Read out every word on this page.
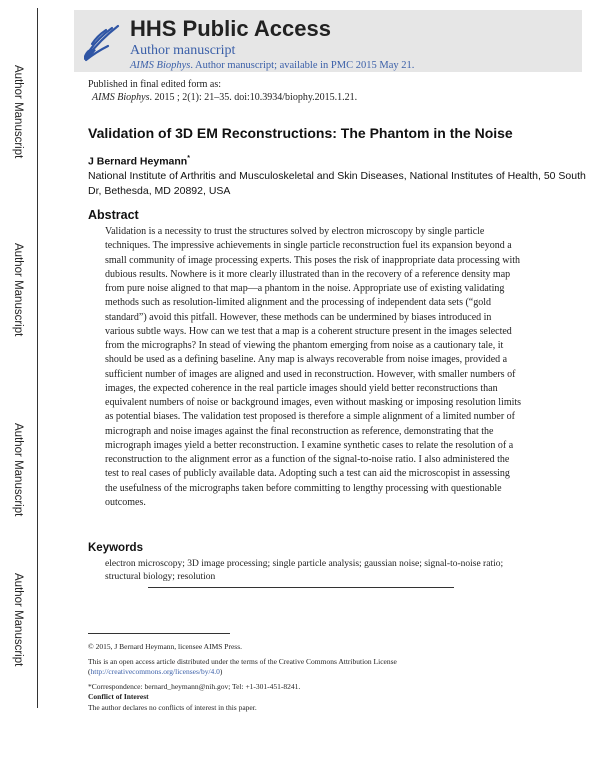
Author Manuscript
Author Manuscript
Author Manuscript
Author Manuscript
HHS Public Access
Author manuscript
AIMS Biophys. Author manuscript; available in PMC 2015 May 21.
Published in final edited form as:
AIMS Biophys. 2015 ; 2(1): 21–35. doi:10.3934/biophy.2015.1.21.
Validation of 3D EM Reconstructions: The Phantom in the Noise
J Bernard Heymann*
National Institute of Arthritis and Musculoskeletal and Skin Diseases, National Institutes of Health, 50 South Dr, Bethesda, MD 20892, USA
Abstract
Validation is a necessity to trust the structures solved by electron microscopy by single particle techniques. The impressive achievements in single particle reconstruction fuel its expansion beyond a small community of image processing experts. This poses the risk of inappropriate data processing with dubious results. Nowhere is it more clearly illustrated than in the recovery of a reference density map from pure noise aligned to that map—a phantom in the noise. Appropriate use of existing validating methods such as resolution-limited alignment and the processing of independent data sets (“gold standard”) avoid this pitfall. However, these methods can be undermined by biases introduced in various subtle ways. How can we test that a map is a coherent structure present in the images selected from the micrographs? In stead of viewing the phantom emerging from noise as a cautionary tale, it should be used as a defining baseline. Any map is always recoverable from noise images, provided a sufficient number of images are aligned and used in reconstruction. However, with smaller numbers of images, the expected coherence in the real particle images should yield better reconstructions than equivalent numbers of noise or background images, even without masking or imposing resolution limits as potential biases. The validation test proposed is therefore a simple alignment of a limited number of micrograph and noise images against the final reconstruction as reference, demonstrating that the micrograph images yield a better reconstruction. I examine synthetic cases to relate the resolution of a reconstruction to the alignment error as a function of the signal-to-noise ratio. I also administered the test to real cases of publicly available data. Adopting such a test can aid the microscopist in assessing the usefulness of the micrographs taken before committing to lengthy processing with questionable outcomes.
Keywords
electron microscopy; 3D image processing; single particle analysis; gaussian noise; signal-to-noise ratio; structural biology; resolution

© 2015, J Bernard Heymann, licensee AIMS Press.

This is an open access article distributed under the terms of the Creative Commons Attribution License (http://creativecommons.org/licenses/by/4.0)

*Correspondence: bernard_heymann@nih.gov; Tel: +1-301-451-8241.

Conflict of Interest

The author declares no conflicts of interest in this paper.
